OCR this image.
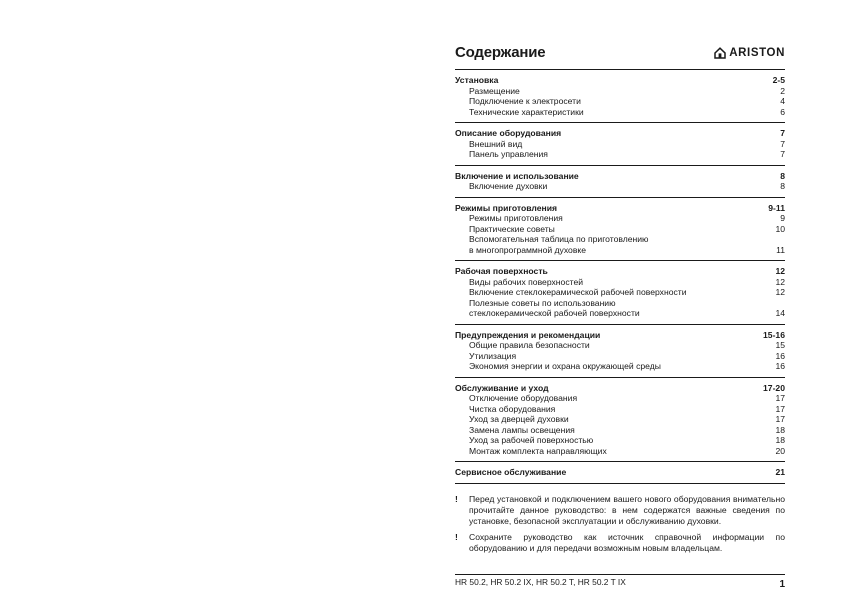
Содержание	ARISTON
Установка	2-5
Размещение	2
Подключение к электросети	4
Технические характеристики	6
Описание оборудования	7
Внешний вид	7
Панель управления	7
Включение и использование	8
Включение духовки	8
Режимы приготовления	9-11
Режимы приготовления	9
Практические советы	10
Вспомогательная таблица по приготовлению
в многопрограммной духовке	11
Рабочая поверхность	12
Виды рабочих поверхностей	12
Включение стеклокерамической рабочей поверхности	12
Полезные советы по использованию
стеклокерамической рабочей поверхности	14
Предупреждения и рекомендации	15-16
Общие правила безопасности	15
Утилизация	16
Экономия энергии и охрана окружающей среды	16
Обслуживание и уход	17-20
Отключение оборудования	17
Чистка оборудования	17
Уход за дверцей духовки	17
Замена лампы освещения	18
Уход за рабочей поверхностью	18
Монтаж комплекта направляющих	20
Сервисное обслуживание	21
!	Перед установкой и подключением вашего нового оборудования внимательно прочитайте данное руководство: в нем содержатся важные сведения по установке, безопасной эксплуатации и обслуживанию духовки.
!	Сохраните руководство как источник справочной информации по оборудованию и для передачи возможным новым владельцам.
HR 50.2, HR 50.2 IX, HR 50.2 T, HR 50.2 T IX	1
